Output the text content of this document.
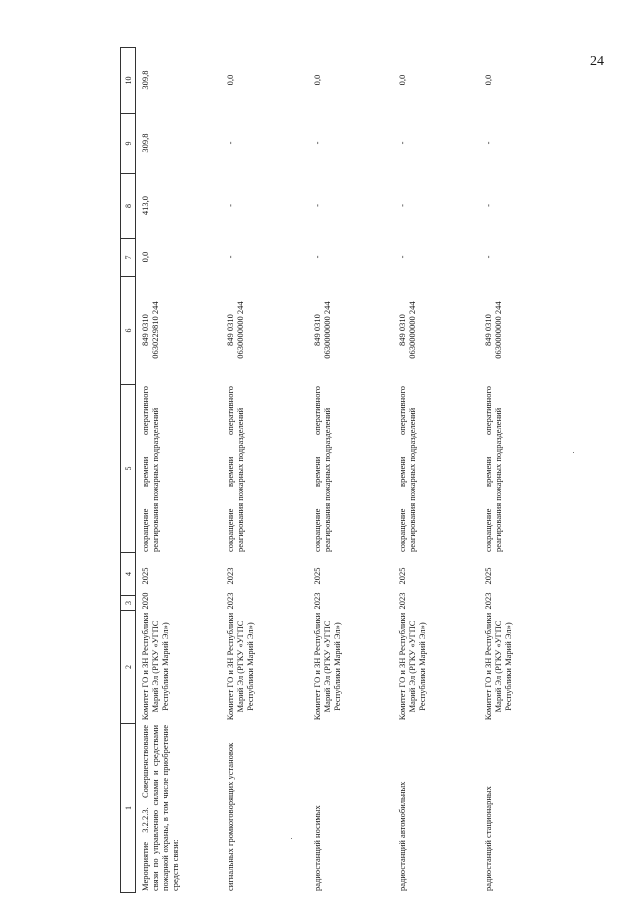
24
1
2
3
4
5
6
7
8
9
10
Мероприятие 3.2.2.3. Совершенствование связи по управлению силами и средствами пожарной охраны, в том числе приобретение средств связи:
Комитет ГО и ЗН Республики Марий Эл (РГКУ «УГПС Республики Марий Эл»)
2020
2025
сокращение времени оперативного реагирования пожарных подразделений
849 0310
0630229810 244
0,0
413,0
309,8
309,8
сигнальных громкоговорящих установок
Комитет ГО и ЗН Республики Марий Эл (РГКУ «УГПС Республики Марий Эл»)
2023
2023
сокращение времени оперативного реагирования пожарных подразделений
849 0310
0630000000 244
-
-
-
0,0
радиостанций носимых
Комитет ГО и ЗН Республики Марий Эл (РГКУ «УГПС Республики Марий Эл»)
2023
2025
сокращение времени оперативного реагирования пожарных подразделений
849 0310
0630000000 244
-
-
-
0,0
радиостанций автомобильных
Комитет ГО и ЗН Республики Марий Эл (РГКУ «УГПС Республики Марий Эл»)
2023
2025
сокращение времени оперативного реагирования пожарных подразделений
849 0310
0630000000 244
-
-
-
0,0
радиостанций стационарных
Комитет ГО и ЗН Республики Марий Эл (РГКУ «УГПС Республики Марий Эл»)
2023
2025
сокращение времени оперативного реагирования пожарных подразделений
849 0310
0630000000 244
-
-
-
0,0
